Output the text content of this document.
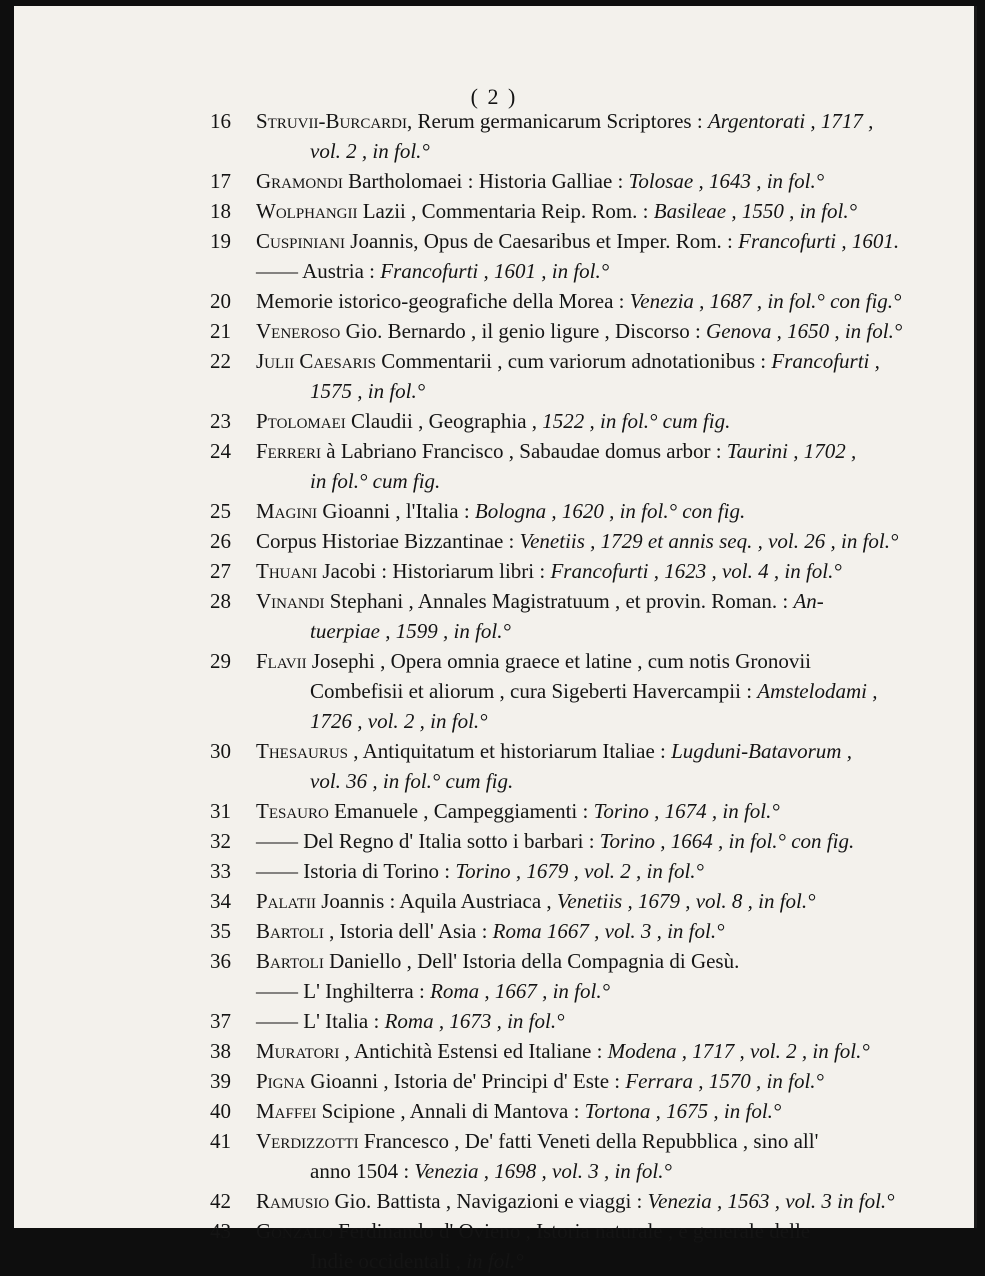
( 2 )
16 Struvii-Burcardi, Rerum germanicarum Scriptores : Argentorati , 1717 ,
vol. 2 , in fol.°
17 Gramondi Bartholomaei : Historia Galliae : Tolosae , 1643 , in fol.°
18 Wolphangii Lazii , Commentaria Reip. Rom. : Basileae , 1550 , in fol.°
19 Cuspiniani Joannis, Opus de Caesaribus et Imper. Rom. : Francofurti , 1601.
—— Austria : Francofurti , 1601 , in fol.°
20 Memorie istorico-geografiche della Morea : Venezia , 1687 , in fol.° con fig.°
21 Veneroso Gio. Bernardo , il genio ligure , Discorso : Genova , 1650 , in fol.°
22 Julii Caesaris Commentarii , cum variorum adnotationibus : Francofurti ,
1575 , in fol.°
23 Ptolomaei Claudii , Geographia , 1522 , in fol.° cum fig.
24 Ferreri à Labriano Francisco , Sabaudae domus arbor : Taurini , 1702 ,
in fol.° cum fig.
25 Magini Gioanni , l'Italia : Bologna , 1620 , in fol.° con fig.
26 Corpus Historiae Bizzantinae : Venetiis , 1729 et annis seq. , vol. 26 , in fol.°
27 Thuani Jacobi : Historiarum libri : Francofurti , 1623 , vol. 4 , in fol.°
28 Vinandi Stephani , Annales Magistratuum , et provin. Roman. : An-
tuerpiae , 1599 , in fol.°
29 Flavii Josephi , Opera omnia graece et latine , cum notis Gronovii
Combefisii et aliorum , cura Sigeberti Havercampii : Amstelodami ,
1726 , vol. 2 , in fol.°
30 Thesaurus , Antiquitatum et historiarum Italiae : Lugduni-Batavorum ,
vol. 36 , in fol.° cum fig.
31 Tesauro Emanuele , Campeggiamenti : Torino , 1674 , in fol.°
32 —— Del Regno d' Italia sotto i barbari : Torino , 1664 , in fol.° con fig.
33 —— Istoria di Torino : Torino , 1679 , vol. 2 , in fol.°
34 Palatii Joannis : Aquila Austriaca , Venetiis , 1679 , vol. 8 , in fol.°
35 Bartoli , Istoria dell' Asia : Roma 1667 , vol. 3 , in fol.°
36 Bartoli Daniello , Dell' Istoria della Compagnia di Gesù.
—— L' Inghilterra : Roma , 1667 , in fol.°
37 —— L' Italia : Roma , 1673 , in fol.°
38 Muratori , Antichità Estensi ed Italiane : Modena , 1717 , vol. 2 , in fol.°
39 Pigna Gioanni , Istoria de' Principi d' Este : Ferrara , 1570 , in fol.°
40 Maffei Scipione , Annali di Mantova : Tortona , 1675 , in fol.°
41 Verdizzotti Francesco , De' fatti Veneti della Repubblica , sino all'
anno 1504 : Venezia , 1698 , vol. 3 , in fol.°
42 Ramusio Gio. Battista , Navigazioni e viaggi : Venezia , 1563 , vol. 3 in fol.°
43 Gonzalo Ferdinando d' Ovieno , Istoria naturale , e generale delle
Indie occidentali , in fol.°
